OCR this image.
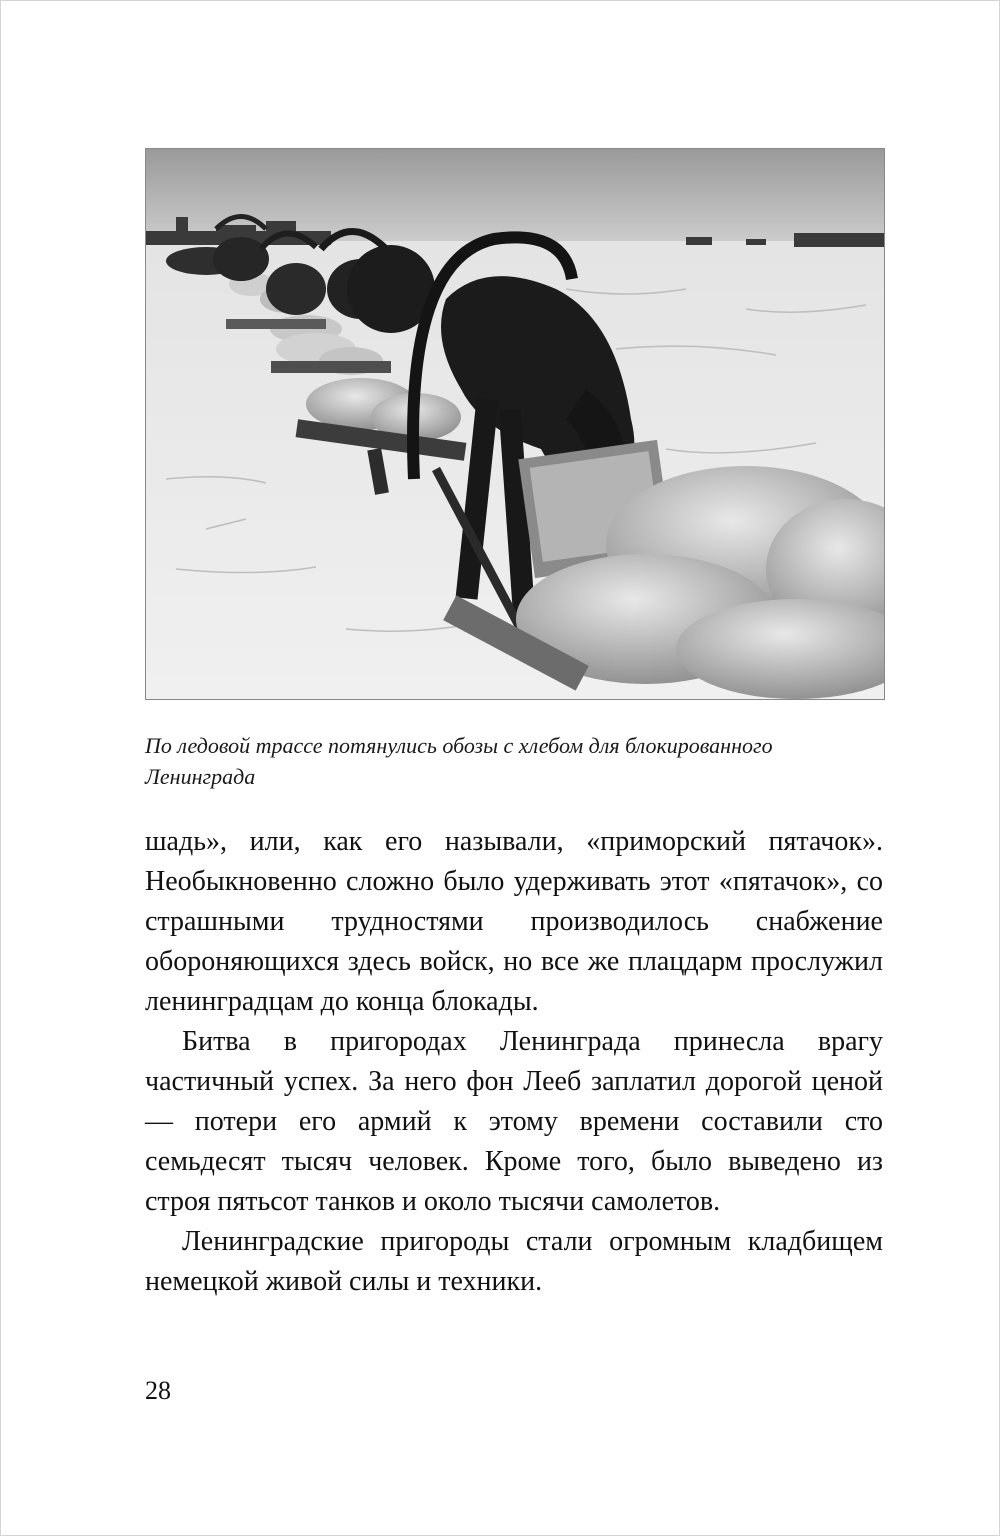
По ледовой трассе потянулись обозы с хлебом для блокированного
Ленинграда

шадь», или, как его называли, «приморский пятачок». Необыкновенно сложно было удерживать этот «пятачок», со страшными трудностями производилось снабжение обороняющихся здесь войск, но все же плацдарм прослужил ленинградцам до конца блокады.

Битва в пригородах Ленинграда принесла врагу частичный успех. За него фон Лееб заплатил дорогой ценой — потери его армий к этому времени составили сто семьдесят тысяч человек. Кроме того, было выведено из строя пятьсот танков и около тысячи самолетов.

Ленинградские пригороды стали огромным кладбищем немецкой живой силы и техники.

28
